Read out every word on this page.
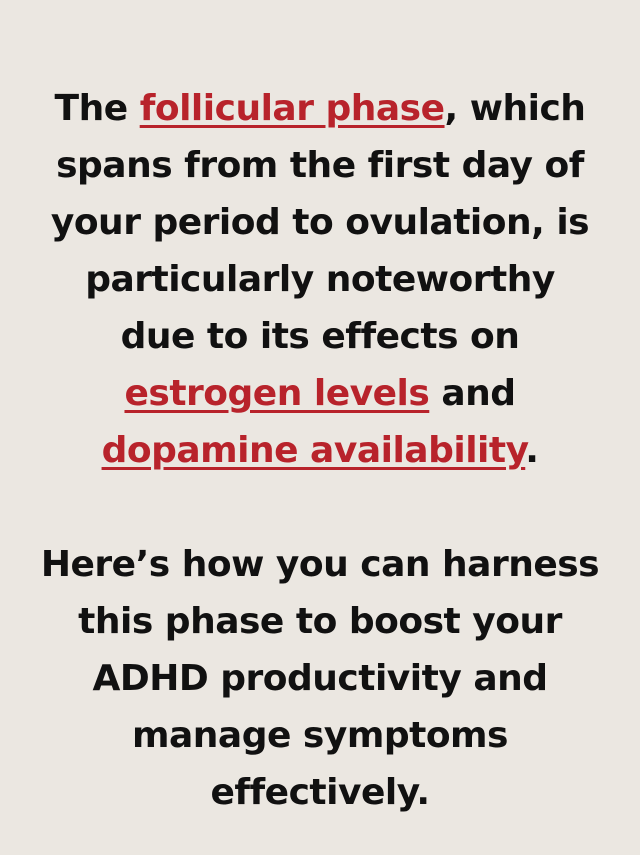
The follicular phase, which
spans from the first day of
your period to ovulation, is
particularly noteworthy
due to its effects on
estrogen levels and
dopamine availability.

Here’s how you can harness
this phase to boost your
ADHD productivity and
manage symptoms
effectively.
